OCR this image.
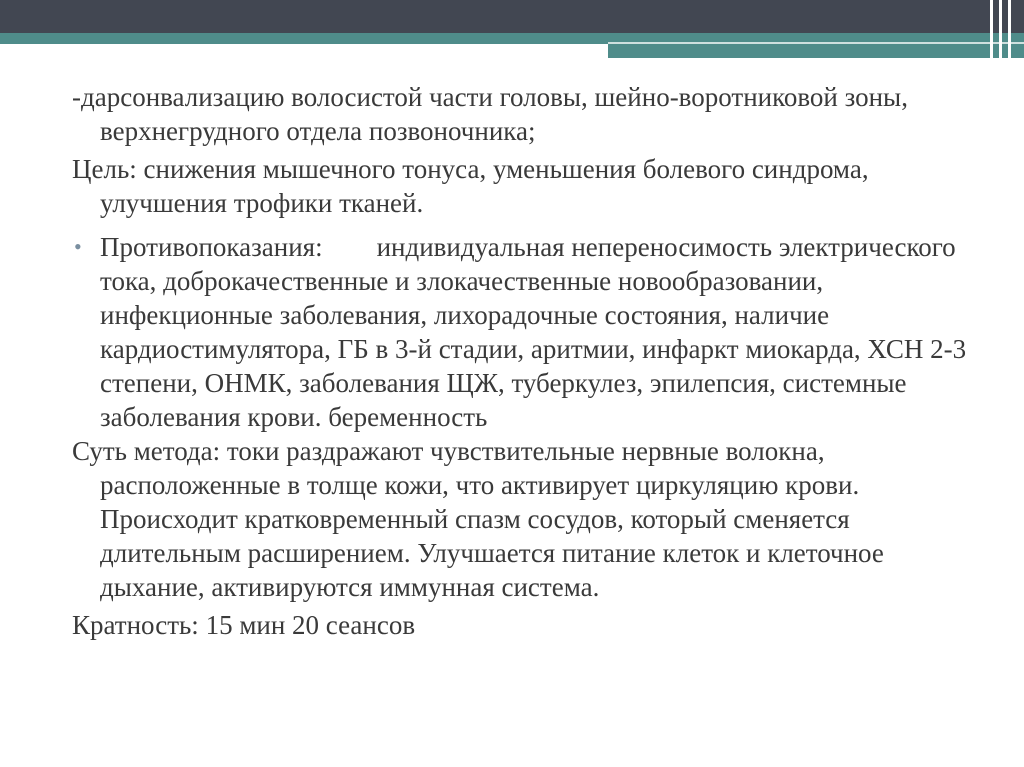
-дарсонвализацию волосистой части головы, шейно-воротниковой зоны, верхнегрудного отдела позвоночника;

Цель: снижения мышечного тонуса, уменьшения болевого синдрома, улучшения трофики тканей.

• Противопоказания: индивидуальная непереносимость электрического тока, доброкачественные и злокачественные новообразовании, инфекционные заболевания, лихорадочные состояния, наличие кардиостимулятора, ГБ в 3-й стадии, аритмии, инфаркт миокарда, ХСН 2-3 степени, ОНМК, заболевания ЩЖ, туберкулез, эпилепсия, системные заболевания крови. беременность

Суть метода: токи раздражают чувствительные нервные волокна, расположенные в толще кожи, что активирует циркуляцию крови. Происходит кратковременный спазм сосудов, который сменяется длительным расширением. Улучшается питание клеток и клеточное дыхание, активируются иммунная система.

Кратность: 15 мин 20 сеансов
